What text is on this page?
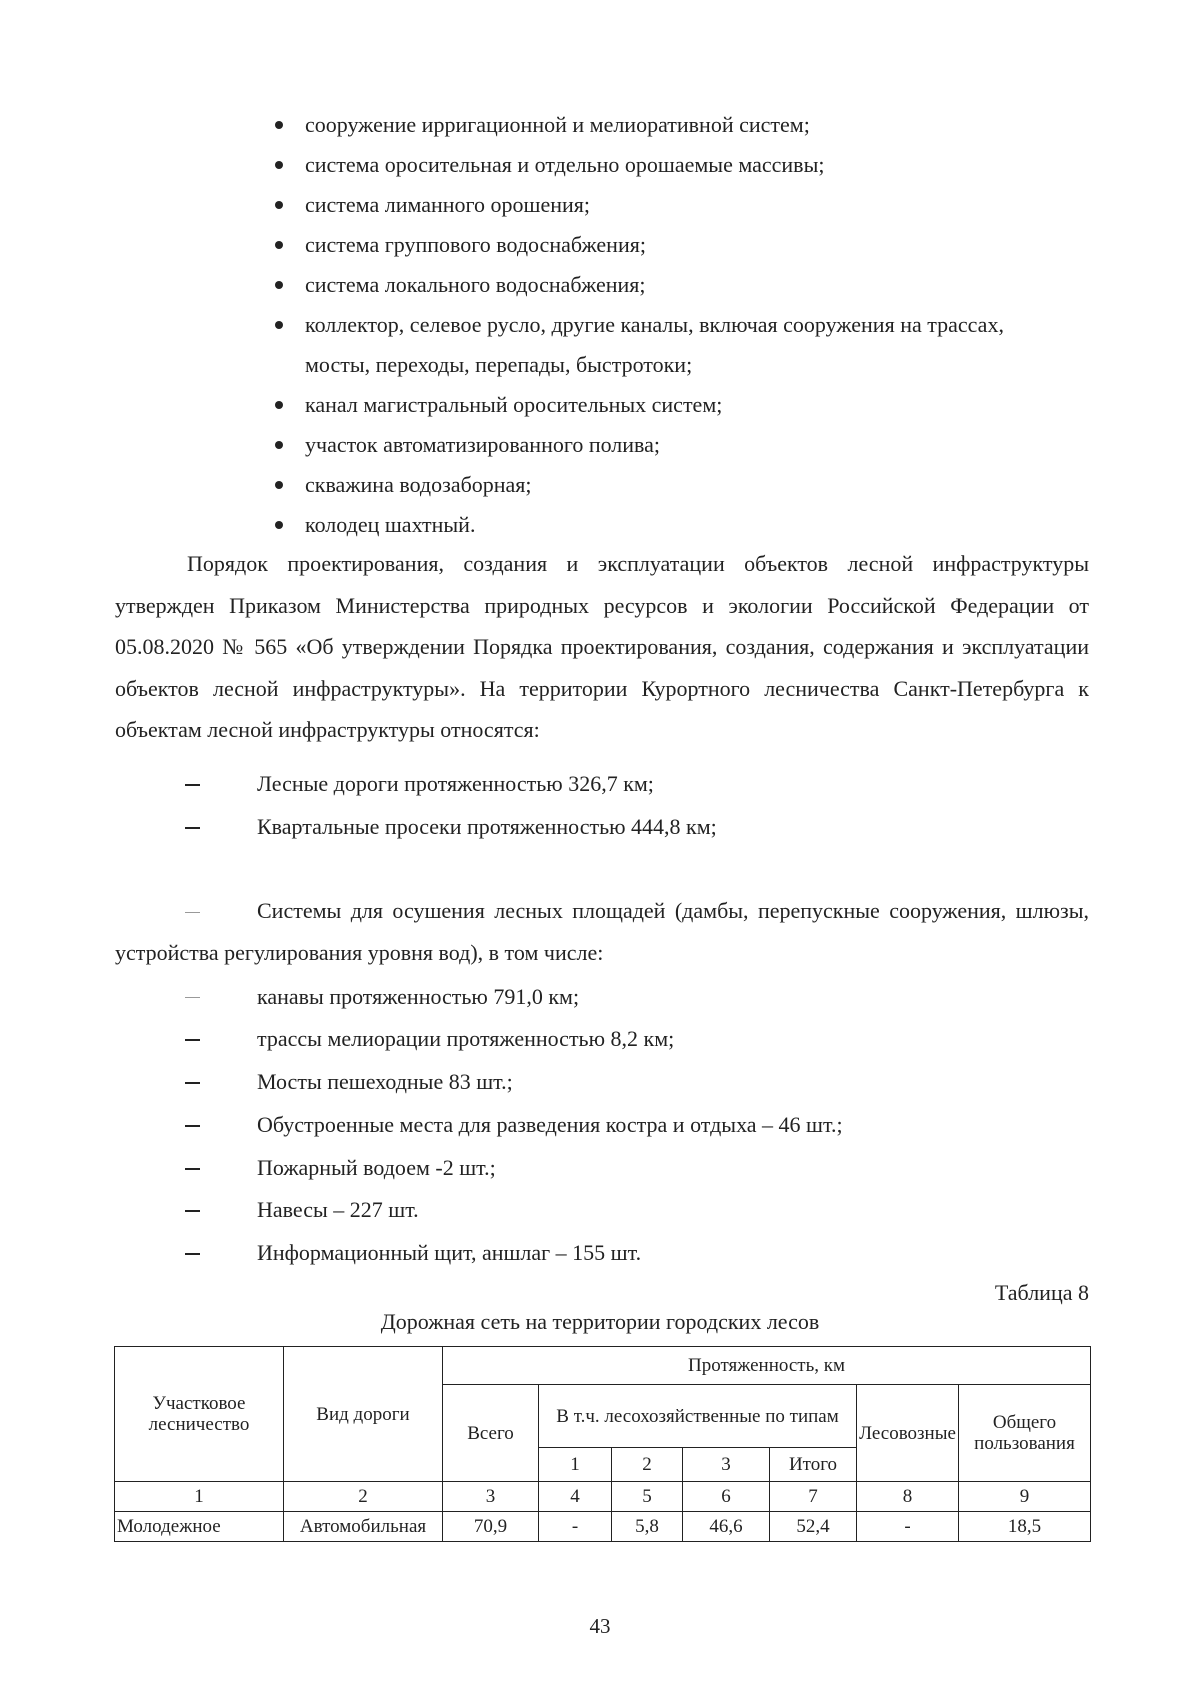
сооружение ирригационной и мелиоративной систем;
система оросительная и отдельно орошаемые массивы;
система лиманного орошения;
система группового водоснабжения;
система локального водоснабжения;
коллектор, селевое русло, другие каналы, включая сооружения на трассах,
мосты, переходы, перепады, быстротоки;
канал магистральный оросительных систем;
участок автоматизированного полива;
скважина водозаборная;
колодец шахтный.
Порядок проектирования, создания и эксплуатации объектов лесной инфраструктуры утвержден Приказом Министерства природных ресурсов и экологии Российской Федерации от 05.08.2020 № 565 «Об утверждении Порядка проектирования, создания, содержания и эксплуатации объектов лесной инфраструктуры». На территории Курортного лесничества Санкт-Петербурга к объектам лесной инфраструктуры относятся:
Лесные дороги протяженностью 326,7 км;
Квартальные просеки протяженностью 444,8 км;
Системы для осушения лесных площадей (дамбы, перепускные сооружения, шлюзы, устройства регулирования уровня вод), в том числе:
канавы протяженностью 791,0 км;
трассы мелиорации протяженностью 8,2 км;
Мосты пешеходные 83 шт.;
Обустроенные места для разведения костра и отдыха – 46 шт.;
Пожарный водоем -2 шт.;
Навесы – 227 шт.
Информационный щит, аншлаг – 155 шт.
Таблица 8
Дорожная сеть на территории городских лесов
Участковое лесничество	Вид дороги	Протяженность, км						
		Всего	В т.ч. лесохозяйственные по типам				Лесовозные	Общего пользования
			1	2	3	Итого		
1	2	3	4	5	6	7	8	9
Молодежное	Автомобильная	70,9	-	5,8	46,6	52,4	-	18,5
43
